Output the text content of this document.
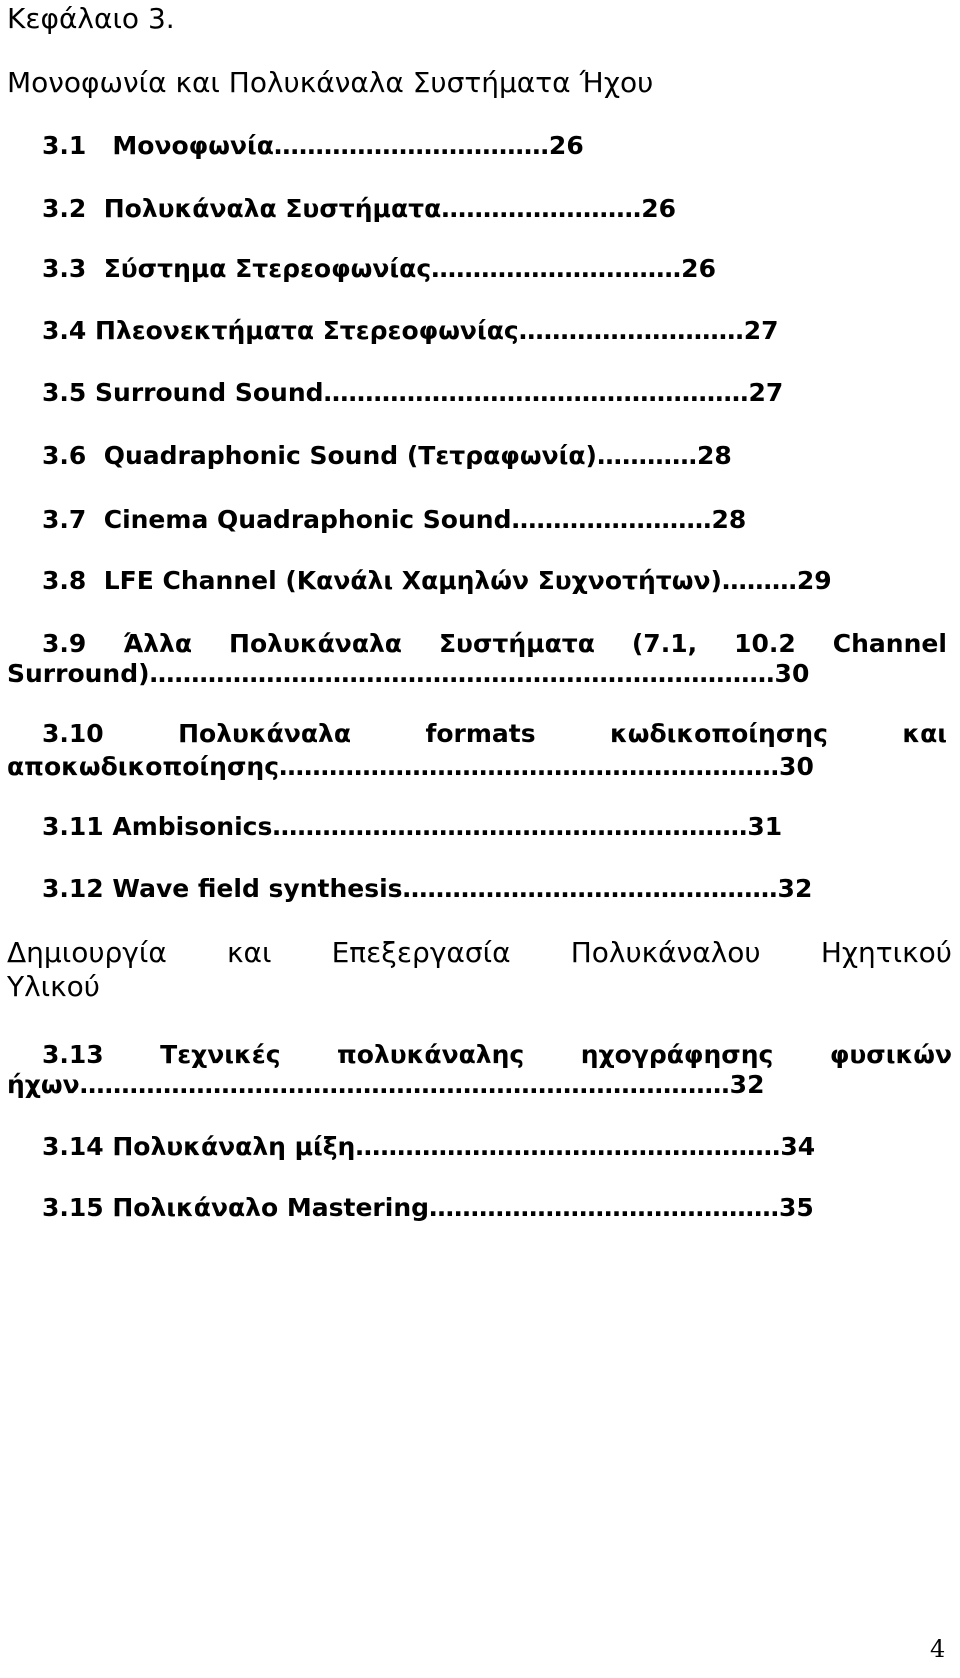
Κεφάλαιο 3.
Μονοφωνία και Πολυκάναλα Συστήματα Ήχου
3.1 Μονοφωνία……………………………26
3.2 Πολυκάναλα Συστήματα……………………26
3.3 Σύστημα Στερεοφωνίας…………………………26
3.4 Πλεονεκτήματα Στερεοφωνίας………………………27
3.5 Surround Sound……………………………………………27
3.6 Quadraphonic Sound (Τετραφωνία)…………28
3.7 Cinema Quadraphonic Sound……………………28
3.8 LFE Channel (Κανάλι Χαμηλών Συχνοτήτων)………29
3.9 Άλλα Πολυκάναλα Συστήματα (7.1, 10.2 Channel
Surround)…………………………………………………………………30
3.10	Πολυκάναλα	formats	κωδικοποίησης	και
αποκωδικοποίησης……………………………………………………30
3.11 Ambisonics…………………………………………………31
3.12 Wave field synthesis………………………………………32
Δημιουργία και Επεξεργασία Πολυκάναλου Ηχητικού
Υλικού
3.13 Τεχνικές πολυκάναλης ηχογράφησης φυσικών
ήχων……………………………………………………………………32
3.14 Πολυκάναλη μίξη……………………………………………34
3.15 Πολικάναλο Mastering……………………………………35
4
